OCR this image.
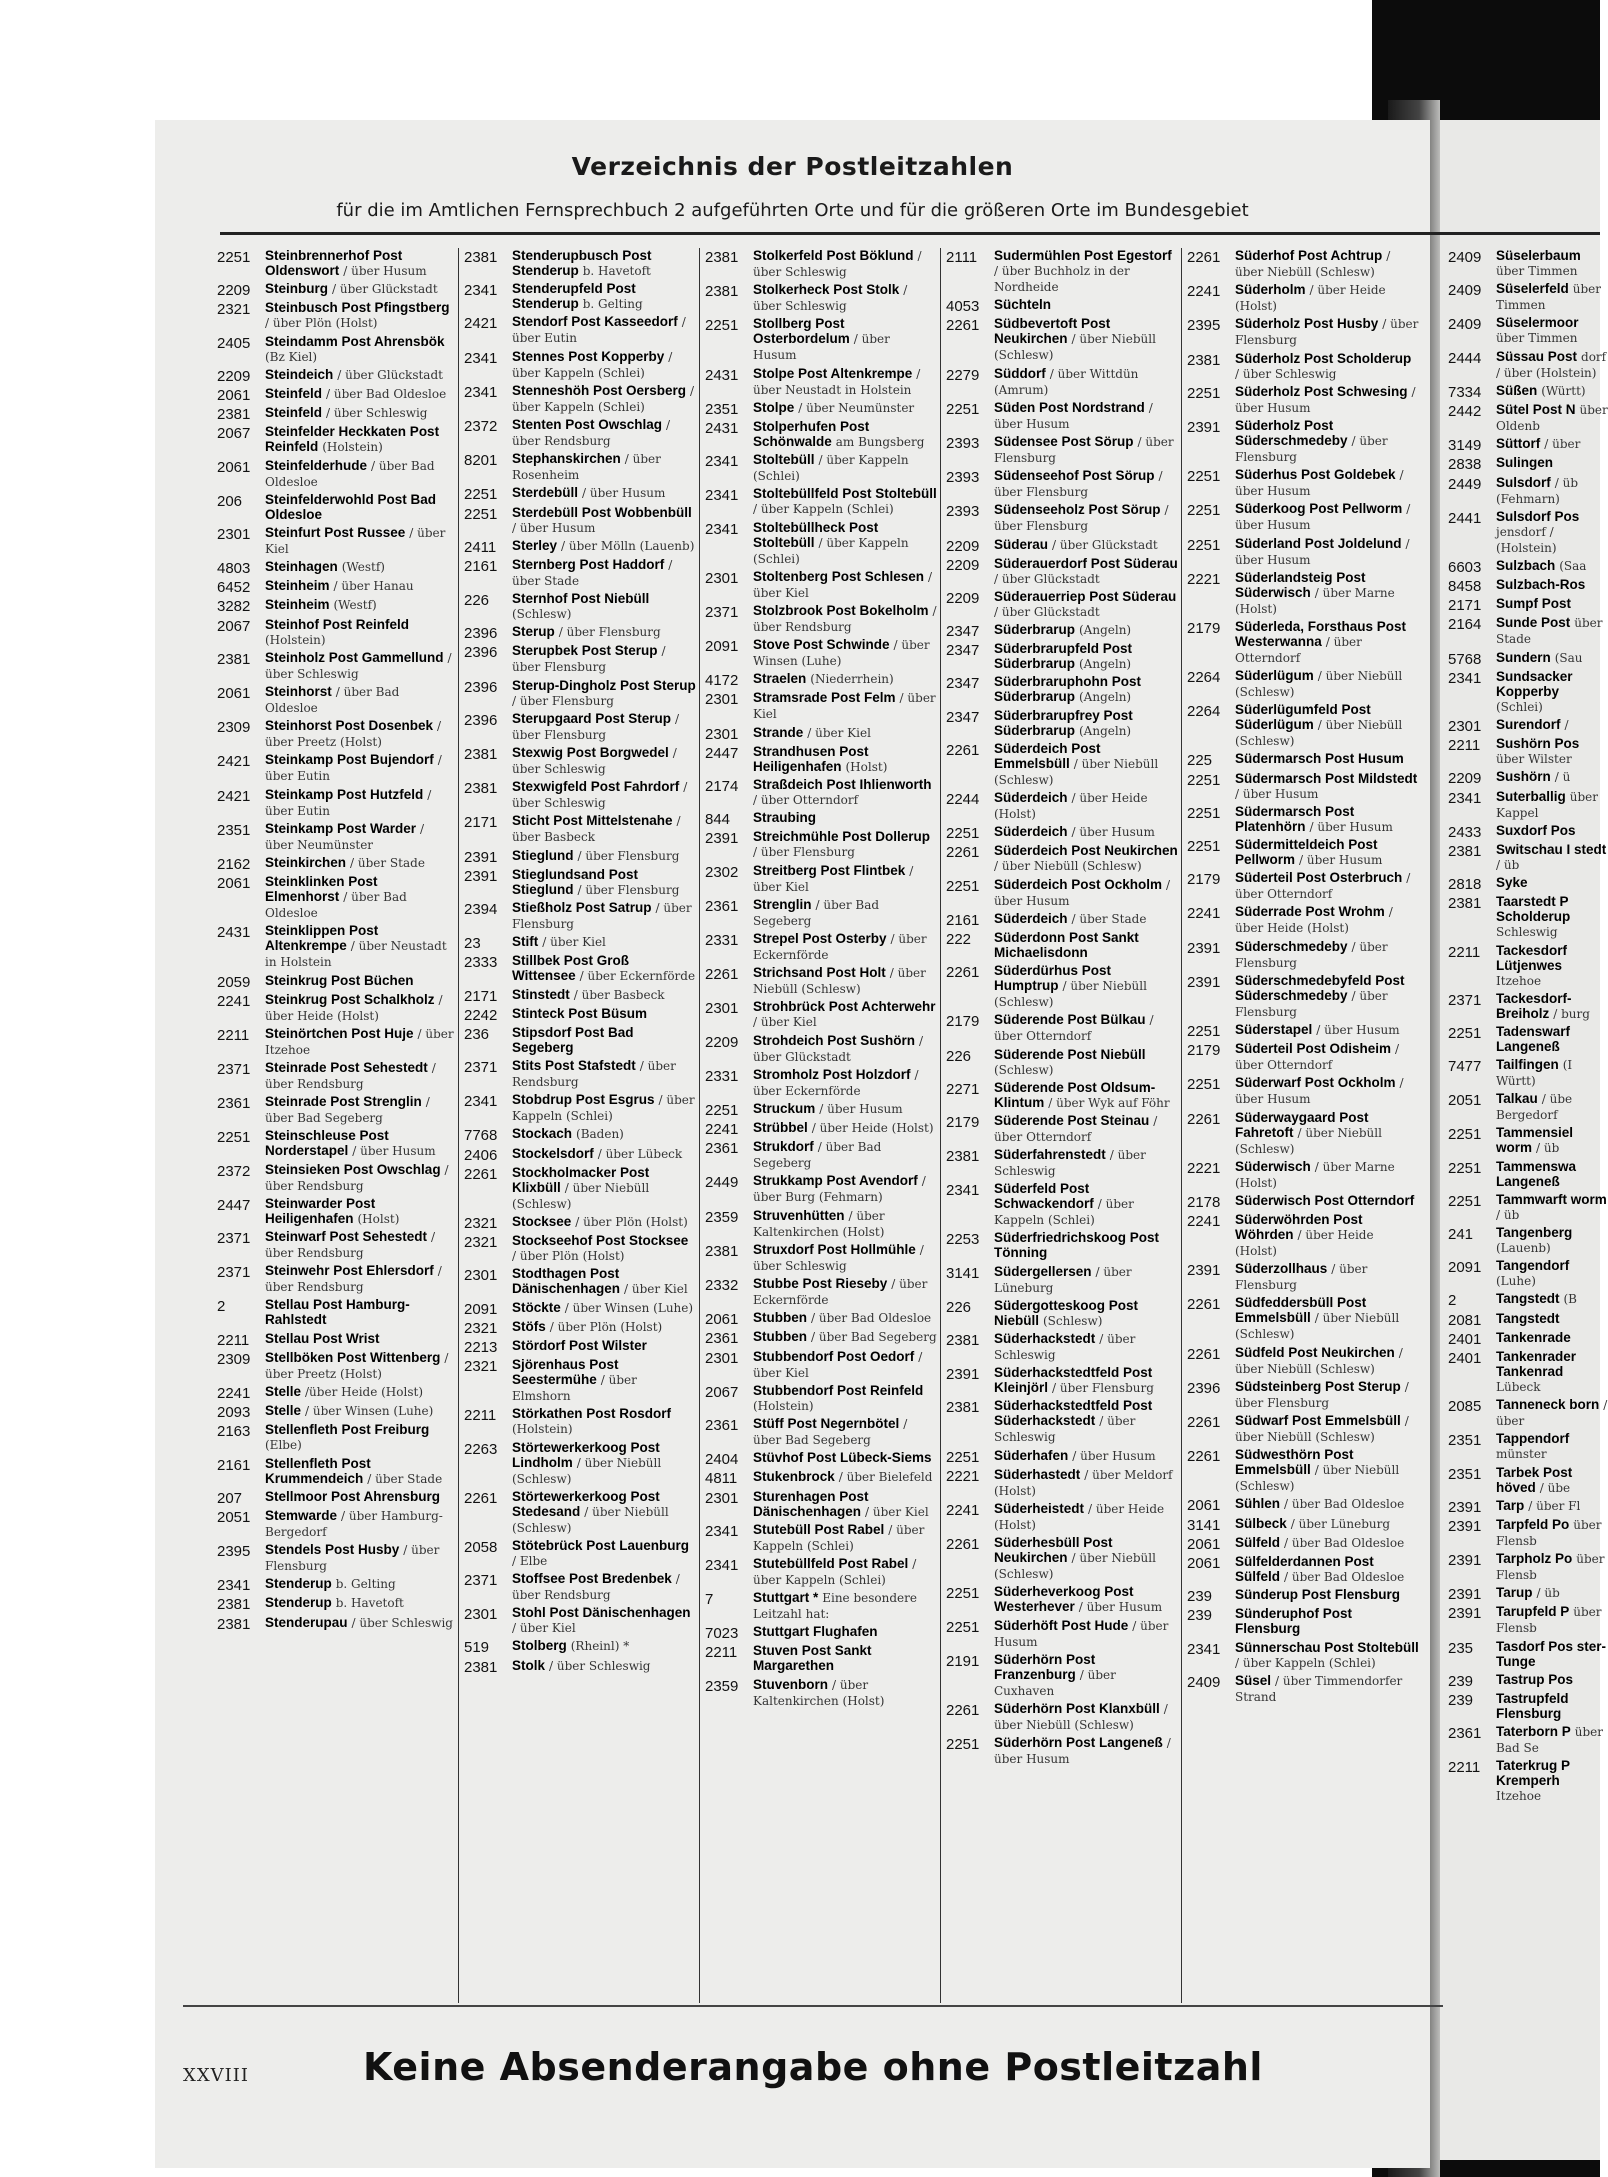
2409	Süselerbaum über Timmen
2409	Süselerfeld über Timmen
2409	Süselermoor über Timmen
2444	Süssau Post dorf / über (Holstein)
7334	Süßen (Württ)
2442	Sütel Post N über Oldenb
3149	Süttorf / über
2838	Sulingen
2449	Sulsdorf / üb (Fehmarn)
2441	Sulsdorf Pos jensdorf / (Holstein)
6603	Sulzbach (Saa
8458	Sulzbach-Ros
2171	Sumpf Post
2164	Sunde Post über Stade
5768	Sundern (Sau
2341	Sundsacker Kopperby (Schlei)
2301	Surendorf /
2211	Sushörn Pos über Wilster
2209	Sushörn / ü
2341	Suterballig über Kappel
2433	Suxdorf Pos
2381	Switschau I stedt / üb
2818	Syke
2381	Taarstedt P Scholderup Schleswig
2211	Tackesdorf Lütjenwes Itzehoe
2371	Tackesdorf-Breiholz / burg
2251	Tadenswarf Langeneß
7477	Tailfingen (I Württ)
2051	Talkau / übe Bergedorf
2251	Tammensiel worm / üb
2251	Tammenswa Langeneß
2251	Tammwarft worm / üb
241	Tangenberg (Lauenb)
2091	Tangendorf (Luhe)
2	Tangstedt (B
2081	Tangstedt
2401	Tankenrade
2401	Tankenrader Tankenrad Lübeck
2085	Tanneneck born / über
2351	Tappendorf münster
2351	Tarbek Post höved / übe
2391	Tarp / über Fl
2391	Tarpfeld Po über Flensb
2391	Tarpholz Po über Flensb
2391	Tarup / üb
2391	Tarupfeld P über Flensb
235	Tasdorf Pos ster-Tunge
239	Tastrup Pos
239	Tastrupfeld Flensburg
2361	Taterborn P über Bad Se
2211	Taterkrug P Kremperh Itzehoe
Verzeichnis der Postleitzahlen
für die im Amtlichen Fernsprechbuch 2 aufgeführten Orte und für die größeren Orte im Bundesgebiet
2251	Steinbrennerhof Post Oldenswort / über Husum
2209	Steinburg / über Glückstadt
2321	Steinbusch Post Pfingstberg / über Plön (Holst)
2405	Steindamm Post Ahrensbök (Bz Kiel)
2209	Steindeich / über Glückstadt
2061	Steinfeld / über Bad Oldesloe
2381	Steinfeld / über Schleswig
2067	Steinfelder Heckkaten Post Reinfeld (Holstein)
2061	Steinfelderhude / über Bad Oldesloe
206	Steinfelderwohld Post Bad Oldesloe
2301	Steinfurt Post Russee / über Kiel
4803	Steinhagen (Westf)
6452	Steinheim / über Hanau
3282	Steinheim (Westf)
2067	Steinhof Post Reinfeld (Holstein)
2381	Steinholz Post Gammellund / über Schleswig
2061	Steinhorst / über Bad Oldesloe
2309	Steinhorst Post Dosenbek / über Preetz (Holst)
2421	Steinkamp Post Bujendorf / über Eutin
2421	Steinkamp Post Hutzfeld / über Eutin
2351	Steinkamp Post Warder / über Neumünster
2162	Steinkirchen / über Stade
2061	Steinklinken Post Elmenhorst / über Bad Oldesloe
2431	Steinklippen Post Altenkrempe / über Neustadt in Holstein
2059	Steinkrug Post Büchen
2241	Steinkrug Post Schalkholz / über Heide (Holst)
2211	Steinörtchen Post Huje / über Itzehoe
2371	Steinrade Post Sehestedt / über Rendsburg
2361	Steinrade Post Strenglin / über Bad Segeberg
2251	Steinschleuse Post Norderstapel / über Husum
2372	Steinsieken Post Owschlag / über Rendsburg
2447	Steinwarder Post Heiligenhafen (Holst)
2371	Steinwarf Post Sehestedt / über Rendsburg
2371	Steinwehr Post Ehlersdorf / über Rendsburg
2	Stellau Post Hamburg-Rahlstedt
2211	Stellau Post Wrist
2309	Stellböken Post Wittenberg /über Preetz (Holst)
2241	Stelle /über Heide (Holst)
2093	Stelle / über Winsen (Luhe)
2163	Stellenfleth Post Freiburg (Elbe)
2161	Stellenfleth Post Krummendeich / über Stade
207	Stellmoor Post Ahrensburg
2051	Stemwarde / über Hamburg-Bergedorf
2395	Stendels Post Husby / über Flensburg
2341	Stenderup b. Gelting
2381	Stenderup b. Havetoft
2381	Stenderupau / über Schleswig
2381	Stenderupbusch Post Stenderup b. Havetoft
2341	Stenderupfeld Post Stenderup b. Gelting
2421	Stendorf Post Kasseedorf / über Eutin
2341	Stennes Post Kopperby / über Kappeln (Schlei)
2341	Stenneshöh Post Oersberg / über Kappeln (Schlei)
2372	Stenten Post Owschlag / über Rendsburg
8201	Stephanskirchen / über Rosenheim
2251	Sterdebüll / über Husum
2251	Sterdebüll Post Wobbenbüll / über Husum
2411	Sterley / über Mölln (Lauenb)
2161	Sternberg Post Haddorf / über Stade
226	Sternhof Post Niebüll (Schlesw)
2396	Sterup / über Flensburg
2396	Sterupbek Post Sterup / über Flensburg
2396	Sterup-Dingholz Post Sterup / über Flensburg
2396	Sterupgaard Post Sterup / über Flensburg
2381	Stexwig Post Borgwedel / über Schleswig
2381	Stexwigfeld Post Fahrdorf / über Schleswig
2171	Sticht Post Mittelstenahe / über Basbeck
2391	Stieglund / über Flensburg
2391	Stieglundsand Post Stieglund / über Flensburg
2394	Stießholz Post Satrup / über Flensburg
23	Stift / über Kiel
2333	Stillbek Post Groß Wittensee / über Eckernförde
2171	Stinstedt / über Basbeck
2242	Stinteck Post Büsum
236	Stipsdorf Post Bad Segeberg
2371	Stits Post Stafstedt / über Rendsburg
2341	Stobdrup Post Esgrus / über Kappeln (Schlei)
7768	Stockach (Baden)
2406	Stockelsdorf / über Lübeck
2261	Stockholmacker Post Klixbüll / über Niebüll (Schlesw)
2321	Stocksee / über Plön (Holst)
2321	Stockseehof Post Stocksee / über Plön (Holst)
2301	Stodthagen Post Dänischenhagen / über Kiel
2091	Stöckte / über Winsen (Luhe)
2321	Stöfs / über Plön (Holst)
2213	Störd​orf Post Wilster
2321	Sjörenhaus Post Seestermühe / über Elmshorn
2211	Störkathen Post Rosdorf (Holstein)
2263	Störtewerkerkoog Post Lindholm / über Niebüll (Schlesw)
2261	Störtewerkerkoog Post Stedesand / über Niebüll (Schlesw)
2058	Stötebrück Post Lauenburg / Elbe
2371	Stoffsee Post Bredenbek / über Rendsburg
2301	Stohl Post Dänischenhagen / über Kiel
519	Stolberg (Rheinl) *
2381	Stolk / über Schleswig
2381	Stolkerfeld Post Böklund / über Schleswig
2381	Stolkerheck Post Stolk / über Schleswig
2251	Stollberg Post Osterbordelum / über Husum
2431	Stolpe Post Altenkrempe / über Neustadt in Holstein
2351	Stolpe / über Neumünster
2431	Stolperhufen Post Schönwalde am Bungsberg
2341	Stoltebüll / über Kappeln (Schlei)
2341	Stoltebüllfeld Post Stoltebüll / über Kappeln (Schlei)
2341	Stoltebüllheck Post Stoltebüll / über Kappeln (Schlei)
2301	Stoltenberg Post Schlesen / über Kiel
2371	Stolzbrook Post Bokelholm / über Rendsburg
2091	Stove Post Schwinde / über Winsen (Luhe)
4172	Straelen (Niederrhein)
2301	Stramsrade Post Felm / über Kiel
2301	Strande / über Kiel
2447	Strandhusen Post Heiligenhafen (Holst)
2174	Straßdeich Post Ihlienworth / über Otterndorf
844	Straubing
2391	Streichmühle Post Dollerup / über Flensburg
2302	Streitberg Post Flintbek / über Kiel
2361	Strenglin / über Bad Segeberg
2331	Strepel Post Osterby / über Eckernförde
2261	Strichsand Post Holt / über Niebüll (Schlesw)
2301	Strohbrück Post Achterwehr / über Kiel
2209	Strohdeich Post Sushörn / über Glückstadt
2331	Stromholz Post Holzdorf / über Eckernförde
2251	Struckum / über Husum
2241	Strübbel / über Heide (Holst)
2361	Strukdorf / über Bad Segeberg
2449	Strukkamp Post Avendorf / über Burg (Fehmarn)
2359	Struvenhütten / über Kaltenkirchen (Holst)
2381	Struxdorf Post Hollmühle / über Schleswig
2332	Stubbe Post Rieseby / über Eckernförde
2061	Stubben / über Bad Oldesloe
2361	Stubben / über Bad Segeberg
2301	Stubbendorf Post Oedorf / über Kiel
2067	Stubbendorf Post Reinfeld (Holstein)
2361	Stüff Post Negernbötel / über Bad Segeberg
2404	Stüvhof Post Lübeck-Siems
4811	Stukenbrock / über Bielefeld
2301	Sturenhagen Post Dänischenhagen / über Kiel
2341	Stutebüll Post Rabel / über Kappeln (Schlei)
2341	Stutebüllfeld Post Rabel / über Kappeln (Schlei)
7	Stuttgart * Eine besondere Leitzahl hat:
7023	Stuttgart Flughafen
2211	Stuven Post Sankt Margarethen
2359	Stuvenborn / über Kaltenkirchen (Holst)
2111	Sudermühlen Post Egestorf / über Buchholz in der Nordheide
4053	Süchteln
2261	Südbevertoft Post Neukirchen / über Niebüll (Schlesw)
2279	Süddorf / über Wittdün (Amrum)
2251	Süden Post Nordstrand / über Husum
2393	Südensee Post Sörup / über Flensburg
2393	Südenseehof Post Sörup / über Flensburg
2393	Südenseeholz Post Sörup / über Flensburg
2209	Süderau / über Glückstadt
2209	Süderauerdorf Post Süderau / über Glückstadt
2209	Süderauerriep Post Süderau / über Glückstadt
2347	Süderbrarup (Angeln)
2347	Süderbrarupfeld Post Süderbrarup (Angeln)
2347	Süderbraruphohn Post Süderbrarup (Angeln)
2347	Süderbrarupfrey Post Süderbrarup (Angeln)
2261	Süderdeich Post Emmelsbüll / über Niebüll (Schlesw)
2244	Süderdeich / über Heide (Holst)
2251	Süderdeich / über Husum
2261	Süderdeich Post Neukirchen / über Niebüll (Schlesw)
2251	Süderdeich Post Ockholm / über Husum
2161	Süderdeich / über Stade
222	Süderdonn Post Sankt Michaelisdonn
2261	Süderdürhus Post Humptrup / über Niebüll (Schlesw)
2179	Süderende Post Bülkau / über Otterndorf
226	Süderende Post Niebüll (Schlesw)
2271	Süderende Post Oldsum-Klintum / über Wyk auf Föhr
2179	Süderende Post Steinau / über Otterndorf
2381	Süderfahrenstedt / über Schleswig
2341	Süderfeld Post Schwackendorf / über Kappeln (Schlei)
2253	Süderfriedrichskoog Post Tönning
3141	Südergellersen / über Lüneburg
226	Südergotteskoog Post Niebüll (Schlesw)
2381	Süderhackstedt / über Schleswig
2391	Süderhackstedtfeld Post Kleinjörl / über Flensburg
2381	Süderhackstedtfeld Post Süderhackstedt / über Schleswig
2251	Süderhafen / über Husum
2221	Süderhastedt / über Meldorf (Holst)
2241	Süderheistedt / über Heide (Holst)
2261	Süderhesbüll Post Neukirchen / über Niebüll (Schlesw)
2251	Süderheverkoog Post Westerhever / über Husum
2251	Süderhöft Post Hude / über Husum
2191	Süderhörn Post Franzenburg / über Cuxhaven
2261	Süderhörn Post Klanxbüll / über Niebüll (Schlesw)
2251	Süderhörn Post Langeneß / über Husum
2261	Süderhof Post Achtrup / über Niebüll (Schlesw)
2241	Süderholm / über Heide (Holst)
2395	Süderholz Post Husby / über Flensburg
2381	Süderholz Post Scholderup / über Schleswig
2251	Süderholz Post Schwesing / über Husum
2391	Süderholz Post Süderschmedeby / über Flensburg
2251	Süderhus Post Goldebek / über Husum
2251	Süderkoog Post Pellworm / über Husum
2251	Süderland Post Joldelund / über Husum
2221	Süderlandsteig Post Süderwisch / über Marne (Holst)
2179	Süderleda, Forsthaus Post Westerwanna / über Otterndorf
2264	Süderlügum / über Niebüll (Schlesw)
2264	Süderlügumfeld Post Süderlügum / über Niebüll (Schlesw)
225	Südermarsch Post Husum
2251	Südermarsch Post Mildstedt / über Husum
2251	Südermarsch Post Platenhörn / über Husum
2251	Südermitteldeich Post Pellworm / über Husum
2179	Süderteil Post Osterbruch / über Otterndorf
2241	Süderrade Post Wrohm / über Heide (Holst)
2391	Süderschmedeby / über Flensburg
2391	Süderschmedebyfeld Post Süderschmedeby / über Flensburg
2251	Süderstapel / über Husum
2179	Süderteil Post Odisheim / über Otterndorf
2251	Süderwarf Post Ockholm / über Husum
2261	Süderwaygaard Post Fahretoft / über Niebüll (Schlesw)
2221	Süderwisch / über Marne (Holst)
2178	Süderwisch Post Otterndorf
2241	Süderwöhrden Post Wöhrden / über Heide (Holst)
2391	Süderzollhaus / über Flensburg
2261	Südfeddersbüll Post Emmelsbüll / über Niebüll (Schlesw)
2261	Südfeld Post Neukirchen / über Niebüll (Schlesw)
2396	Südsteinberg Post Sterup / über Flensburg
2261	Südwarf Post Emmelsbüll / über Niebüll (Schlesw)
2261	Südwesthörn Post Emmelsbüll / über Niebüll (Schlesw)
2061	Sühlen / über Bad Oldesloe
3141	Sülbeck / über Lüneburg
2061	Sülfeld / über Bad Oldesloe
2061	Sülfelderdannen Post Sülfeld / über Bad Oldesloe
239	Sünderup Post Flensburg
239	Sünderuphof Post Flensburg
2341	Sünnerschau Post Stoltebüll / über Kappeln (Schlei)
2409	Süsel / über Timmendorfer Strand
XXVIII	Keine Absenderangabe ohne Postleitzahl
